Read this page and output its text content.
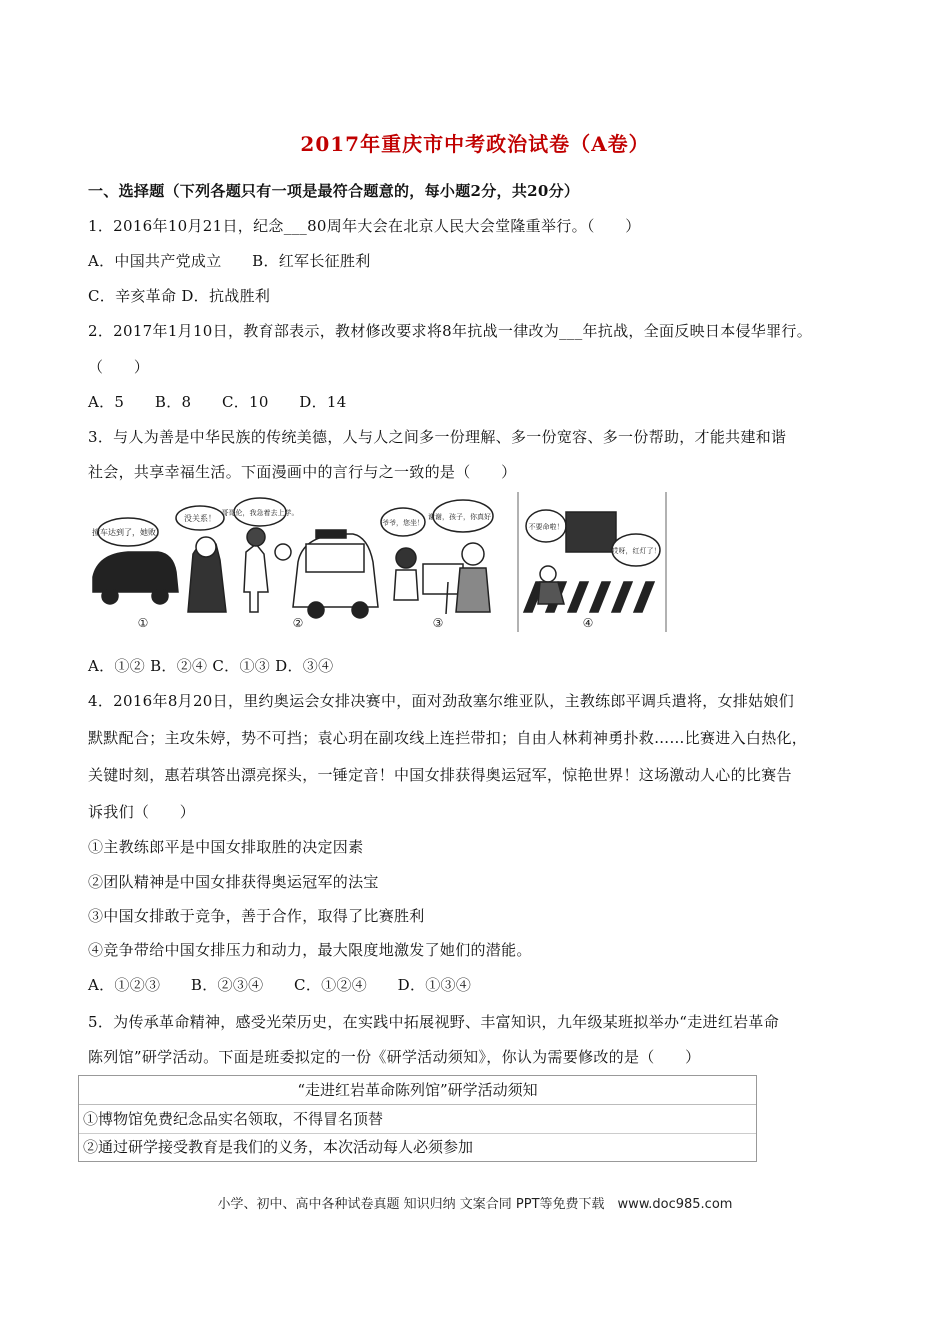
2017年重庆市中考政治试卷（A卷）
一、选择题（下列各题只有一项是最符合题意的，每小题2分，共20分）
1．2016年10月21日，纪念___80周年大会在北京人民大会堂隆重举行。（　　）
A．中国共产党成立　　B．红军长征胜利
C．辛亥革命 D．抗战胜利
2．2017年1月10日，教育部表示，教材修改要求将8年抗战一律改为___年抗战，全面反映日本侵华罪行。
（　　）
A．5　　B．8　　C．10　　D．14
3．与人为善是中华民族的传统美德，人与人之间多一份理解、多一份宽容、多一份帮助，才能共建和谐
社会，共享幸福生活。下面漫画中的言行与之一致的是（　　）
撞车达到了，她败！
没关系！
①
哥哥伦，我急着去上学。
②
爷爷，您坐！
谢谢，孩子，你真好！
③
不要命啦！
哎呀，红灯了！
④
A．①② B．②④ C．①③ D．③④
4．2016年8月20日，里约奥运会女排决赛中，面对劲敌塞尔维亚队，主教练郎平调兵遣将，女排姑娘们
默默配合；主攻朱婷，势不可挡；袁心玥在副攻线上连拦带扣；自由人林莉神勇扑救……比赛进入白热化，
关键时刻，惠若琪答出漂亮探头，一锤定音！中国女排获得奥运冠军，惊艳世界！这场激动人心的比赛告
诉我们（　　）
①主教练郎平是中国女排取胜的决定因素
②团队精神是中国女排获得奥运冠军的法宝
③中国女排敢于竞争，善于合作，取得了比赛胜利
④竞争带给中国女排压力和动力，最大限度地激发了她们的潜能。
A．①②③　　B．②③④　　C．①②④　　D．①③④
5．为传承革命精神，感受光荣历史，在实践中拓展视野、丰富知识，九年级某班拟举办“走进红岩革命
陈列馆”研学活动。下面是班委拟定的一份《研学活动须知》，你认为需要修改的是（　　）
“走进红岩革命陈列馆”研学活动须知
①博物馆免费纪念品实名领取，不得冒名顶替
②通过研学接受教育是我们的义务，本次活动每人必须参加
小学、初中、高中各种试卷真题 知识归纳 文案合同 PPT等免费下载　www.doc985.com
